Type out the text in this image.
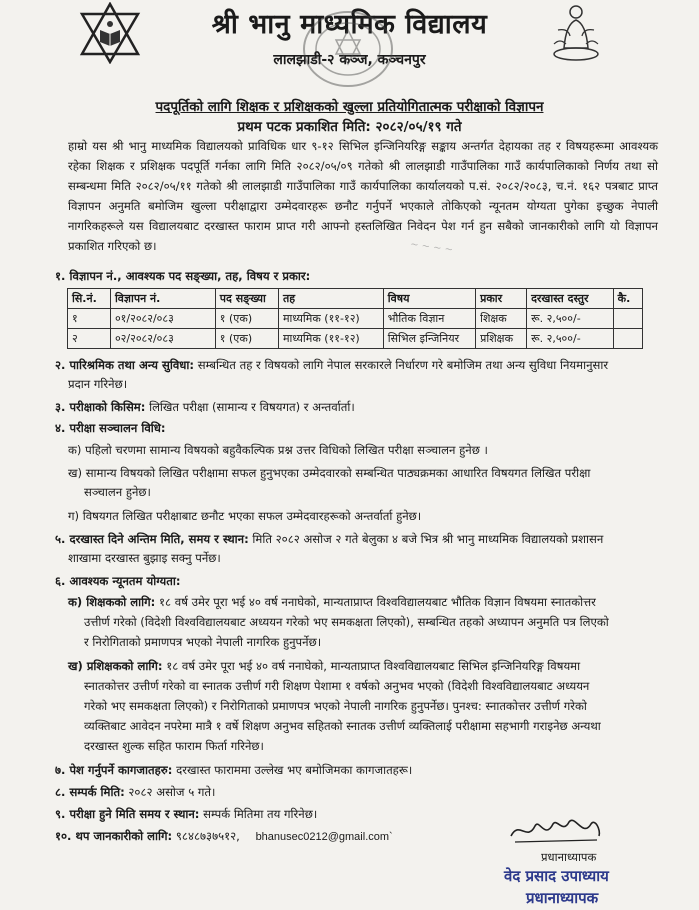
श्री भानु माध्यमिक विद्यालय
लालझाडी-२ कञ्ज, कञ्चनपुर
पदपूर्तिको लागि शिक्षक र प्रशिक्षकको खुल्ला प्रतियोगितात्मक परीक्षाको विज्ञापन
प्रथम पटक प्रकाशित मिति: २०८२/०५/१९ गते
हाम्रो यस श्री भानु माध्यमिक विद्यालयको प्राविधिक धार ९-१२ सिभिल इन्जिनियरिङ्ग सङ्काय अन्तर्गत देहायका तह र विषयहरूमा आवश्यक रहेका शिक्षक र प्रशिक्षक पदपूर्ति गर्नका लागि मिति २०८२/०५/०९ गतेको श्री लालझाडी गाउँपालिका गाउँ कार्यपालिकाको निर्णय तथा सो सम्बन्धमा मिति २०८२/०५/११ गतेको श्री लालझाडी गाउँपालिका गाउँ कार्यपालिका कार्यालयको प.सं. २०८२/२०८३, च.नं. १६२ पत्रबाट प्राप्त विज्ञापन अनुमति बमोजिम खुल्ला परीक्षाद्वारा उम्मेदवारहरू छनौट गर्नुपर्ने भएकाले तोकिएको न्यूनतम योग्यता पुगेका इच्छुक नेपाली नागरिकहरूले यस विद्यालयबाट दरखास्त फाराम प्राप्त गरी आफ्नो हस्तलिखित निवेदन पेश गर्न हुन सबैको जानकारीको लागि यो विज्ञापन प्रकाशित गरिएको छ।	~ ~ ~ ~
१. विज्ञापन नं., आवश्यक पद सङ्ख्या, तह, विषय र प्रकार:
सि.नं.	विज्ञापन नं.	पद सङ्ख्या	तह	विषय	प्रकार	दरखास्त दस्तुर	कै.
१	०१/२०८२/०८३	१ (एक)	माध्यमिक (११-१२)	भौतिक विज्ञान	शिक्षक	रू. २,५००/-	
२	०२/२०८२/०८३	१ (एक)	माध्यमिक (११-१२)	सिभिल इन्जिनियर	प्रशिक्षक	रू. २,५००/-	
२. पारिश्रमिक तथा अन्य सुविधा: सम्बन्धित तह र विषयको लागि नेपाल सरकारले निर्धारण गरे बमोजिम तथा अन्य सुविधा नियमानुसार
प्रदान गरिनेछ।
३. परीक्षाको किसिम: लिखित परीक्षा (सामान्य र विषयगत) र अन्तर्वार्ता।
४. परीक्षा सञ्चालन विधि:
क) पहिलो चरणमा सामान्य विषयको बहुवैकल्पिक प्रश्न उत्तर विधिको लिखित परीक्षा सञ्चालन हुनेछ ।
ख) सामान्य विषयको लिखित परीक्षामा सफल हुनुभएका उम्मेदवारको सम्बन्धित पाठ्यक्रमका आधारित विषयगत लिखित परीक्षा
सञ्चालन हुनेछ।
ग) विषयगत लिखित परीक्षाबाट छनौट भएका सफल उम्मेदवारहरूको अन्तर्वार्ता हुनेछ।
५. दरखास्त दिने अन्तिम मिति, समय र स्थान: मिति २०८२ असोज २ गते बेलुका ४ बजे भित्र श्री भानु माध्यमिक विद्यालयको प्रशासन
शाखामा दरखास्त बुझाइ सक्नु पर्नेछ।
६. आवश्यक न्यूनतम योग्यता:
क) शिक्षकको लागि: १८ वर्ष उमेर पूरा भई ४० वर्ष ननाघेको, मान्यताप्राप्त विश्वविद्यालयबाट भौतिक विज्ञान विषयमा स्नातकोत्तर
उत्तीर्ण गरेको (विदेशी विश्वविद्यालयबाट अध्ययन गरेको भए समकक्षता लिएको), सम्बन्धित तहको अध्यापन अनुमति पत्र लिएको
र निरोगिताको प्रमाणपत्र भएको नेपाली नागरिक हुनुपर्नेछ।
ख) प्रशिक्षकको लागि: १८ वर्ष उमेर पूरा भई ४० वर्ष ननाघेको, मान्यताप्राप्त विश्वविद्यालयबाट सिभिल इन्जिनियरिङ्ग विषयमा
स्नातकोत्तर उत्तीर्ण गरेको वा स्नातक उत्तीर्ण गरी शिक्षण पेशामा १ वर्षको अनुभव भएको (विदेशी विश्वविद्यालयबाट अध्ययन
गरेको भए समकक्षता लिएको) र निरोगिताको प्रमाणपत्र भएको नेपाली नागरिक हुनुपर्नेछ। पुनश्च: स्नातकोत्तर उत्तीर्ण गरेको
व्यक्तिबाट आवेदन नपरेमा मात्रै १ वर्षे शिक्षण अनुभव सहितको स्नातक उत्तीर्ण व्यक्तिलाई परीक्षामा सहभागी गराइनेछ अन्यथा
दरखास्त शुल्क सहित फाराम फिर्ता गरिनेछ।
७. पेश गर्नुपर्ने कागजातहरु: दरखास्त फाराममा उल्लेख भए बमोजिमका कागजातहरू।
८. सम्पर्क मिति: २०८२ असोज ५ गते।
९. परीक्षा हुने मिति समय र स्थान: सम्पर्क मितिमा तय गरिनेछ।
१०. थप जानकारीको लागि: ९८४८७३७५१२, bhanusec0212@gmail.com`
प्रधानाध्यापक
वेद प्रसाद उपाध्याय
प्रधानाध्यापक
